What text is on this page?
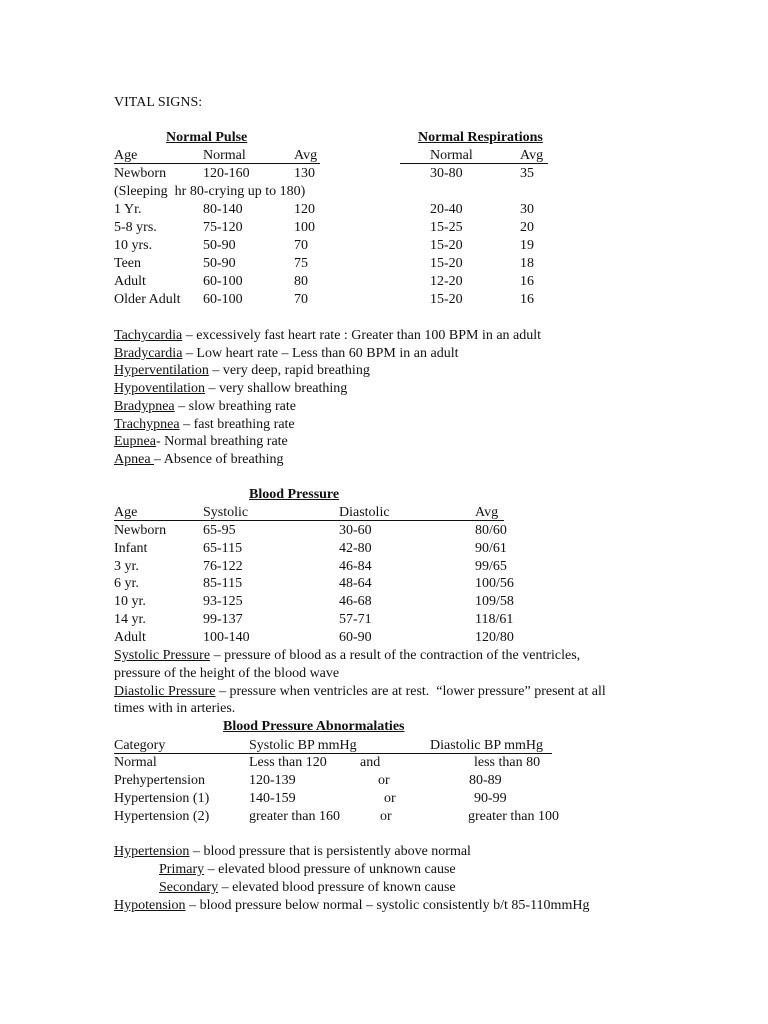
VITAL SIGNS:
Normal Pulse	Normal Respirations
Age	Normal	Avg	Normal	Avg
Newborn	120-160	130	30-80	35
(Sleeping  hr 80-crying up to 180)
1 Yr.	80-140	120	20-40	30
5-8 yrs.	75-120	100	15-25	20
10 yrs.	50-90	70	15-20	19
Teen	50-90	75	15-20	18
Adult	60-100	80	12-20	16
Older Adult 60-100	70	15-20	16
Tachycardia – excessively fast heart rate : Greater than 100 BPM in an adult
Bradycardia – Low heart rate – Less than 60 BPM in an adult
Hyperventilation – very deep, rapid breathing
Hypoventilation – very shallow breathing
Bradypnea – slow breathing rate
Trachypnea – fast breathing rate
Eupnea- Normal breathing rate
Apnea – Absence of breathing
Blood Pressure
Age	Systolic	Diastolic	Avg
Newborn	65-95	30-60	80/60
Infant	65-115	42-80	90/61
3 yr.	76-122	46-84	99/65
6 yr.	85-115	48-64	100/56
10 yr.	93-125	46-68	109/58
14 yr.	99-137	57-71	118/61
Adult	100-140	60-90	120/80
Systolic Pressure – pressure of blood as a result of the contraction of the ventricles,
pressure of the height of the blood wave
Diastolic Pressure – pressure when ventricles are at rest.  “lower pressure” present at all
times with in arteries.
Blood Pressure Abnormalaties
Category	Systolic BP mmHg	Diastolic BP mmHg
Normal	Less than 120 and	less than 80
Prehypertension	120-139	or	80-89
Hypertension (1)	140-159	or	90-99
Hypertension (2)	greater than 160	or	greater than 100
Hypertension – blood pressure that is persistently above normal
Primary – elevated blood pressure of unknown cause
Secondary – elevated blood pressure of known cause
Hypotension – blood pressure below normal – systolic consistently b/t 85-110mmHg
